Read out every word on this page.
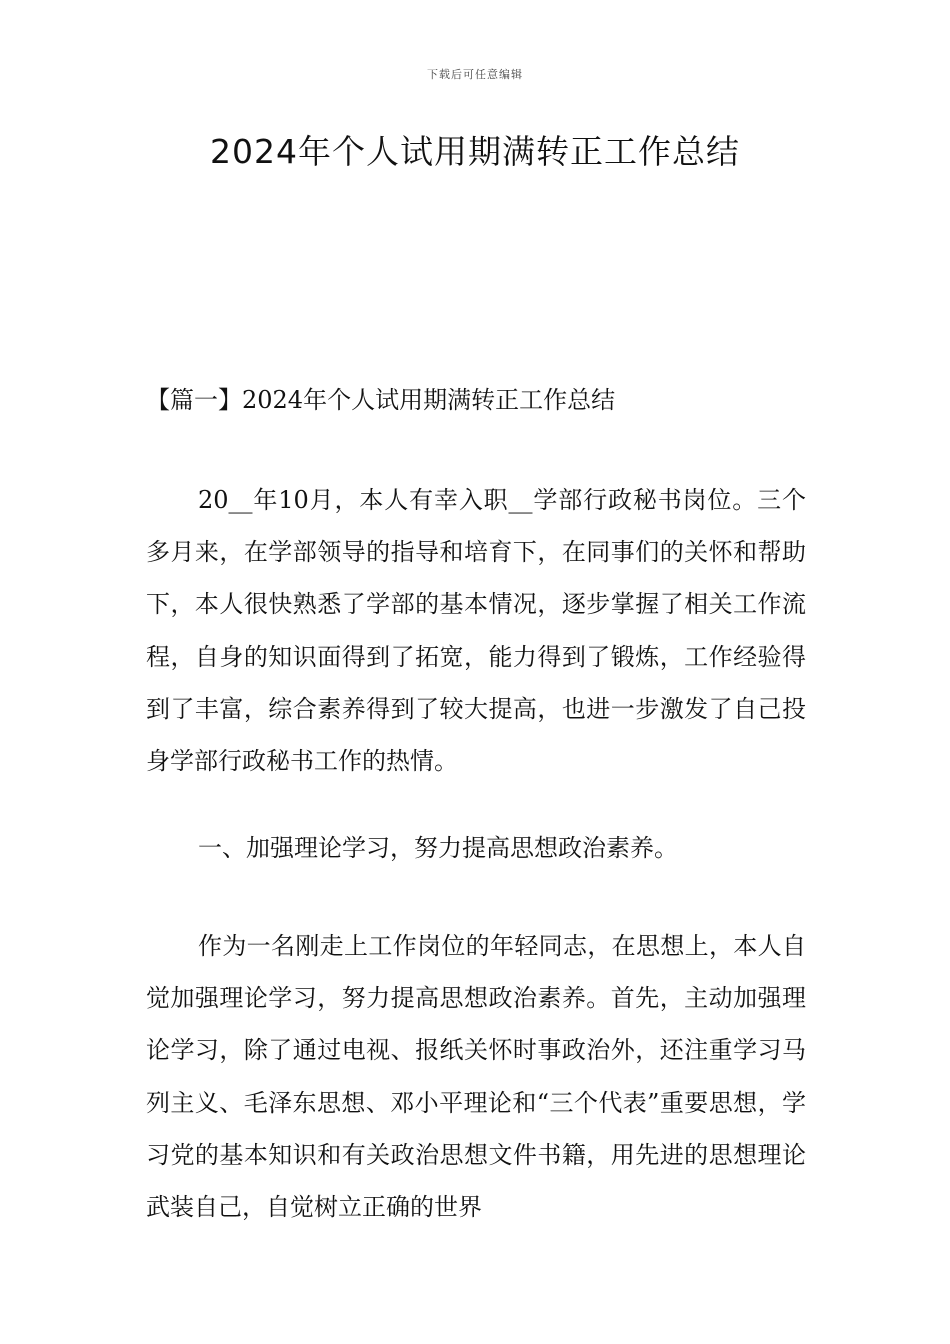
下载后可任意编辑
2024年个人试用期满转正工作总结
【篇一】2024年个人试用期满转正工作总结

20__年10月，本人有幸入职__学部行政秘书岗位。三个多月来，在学部领导的指导和培育下，在同事们的关怀和帮助下，本人很快熟悉了学部的基本情况，逐步掌握了相关工作流程，自身的知识面得到了拓宽，能力得到了锻炼，工作经验得到了丰富，综合素养得到了较大提高，也进一步激发了自己投身学部行政秘书工作的热情。

一、加强理论学习，努力提高思想政治素养。

作为一名刚走上工作岗位的年轻同志，在思想上，本人自觉加强理论学习，努力提高思想政治素养。首先，主动加强理论学习，除了通过电视、报纸关怀时事政治外，还注重学习马列主义、毛泽东思想、邓小平理论和“三个代表”重要思想，学习党的基本知识和有关政治思想文件书籍，用先进的思想理论武装自己，自觉树立正确的世界
